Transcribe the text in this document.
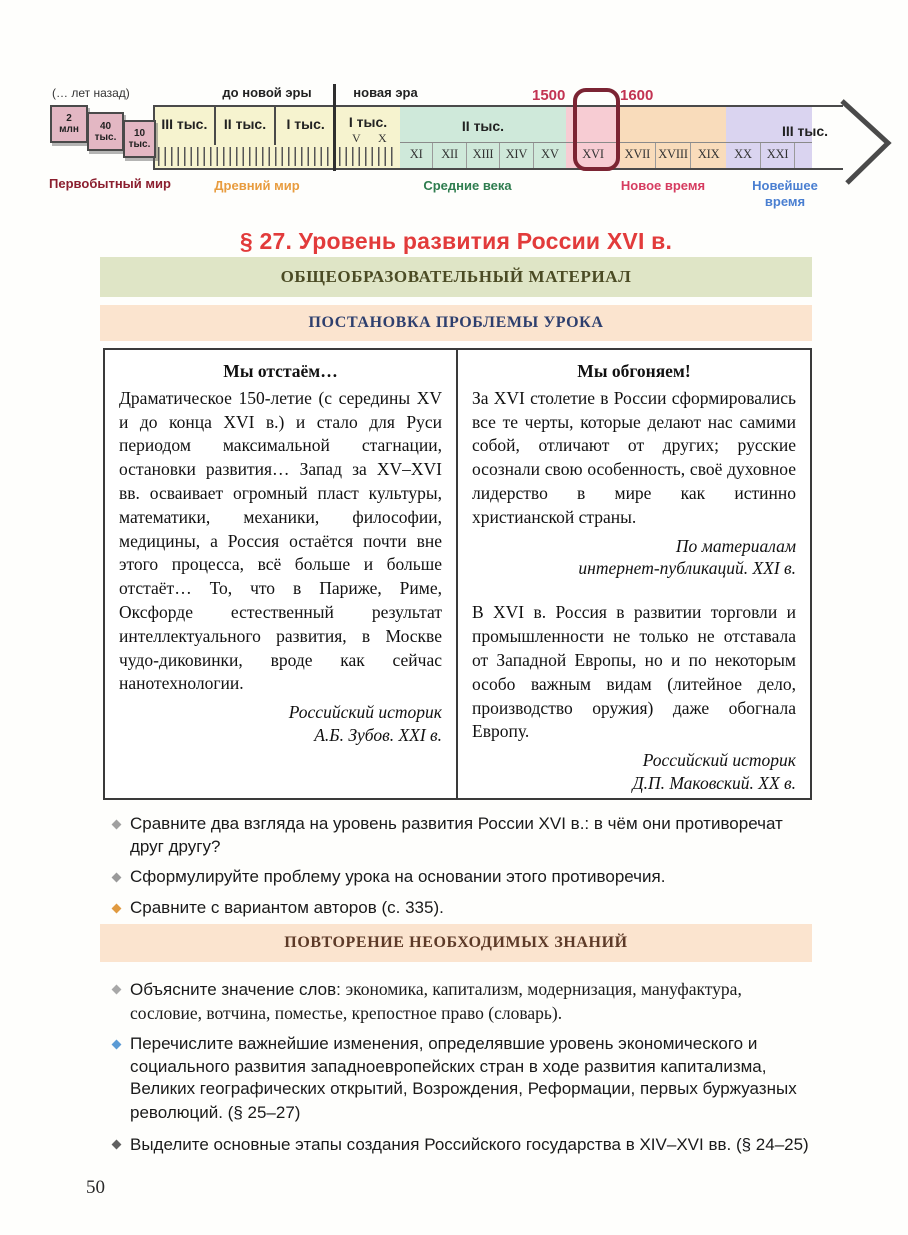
(… лет назад)	до новой эры	новая эра	1500	1600
2
млн 40
тыс. 10
тыс.
III тыс.	II тыс.	I тыс.	I тыс.
V X
II тыс.
XI	XII	XIII XIV	XV	XVI	XVII XVIII XIX	XX	XXI
III тыс.
Первобытный мир	Древний мир	Средние века	Новое время	Новейшее время
§ 27. Уровень развития России XVI в.
ОБЩЕОБРАЗОВАТЕЛЬНЫЙ МАТЕРИАЛ
ПОСТАНОВКА ПРОБЛЕМЫ УРОКА
Мы отстаём…
Драматическое 150-летие (с середины XV и до конца XVI в.) и стало для Руси периодом максимальной стагнации, остановки развития… Запад за XV–XVI вв. осваивает огромный пласт культуры, математики, механики, философии, медицины, а Россия остаётся почти вне этого процесса, всё больше и больше отстаёт… То, что в Париже, Риме, Оксфорде естественный результат интеллектуального развития, в Москве чудо-диковинки, вроде как сейчас нанотехнологии.
Российский историк
А.Б. Зубов. XXI в.
Мы обгоняем!
За XVI столетие в России сформировались все те черты, которые делают нас самими собой, отличают от других; русские осознали свою особенность, своё духовное лидерство в мире как истинно христианской страны.
По материалам
интернет-публикаций. XXI в.
В XVI в. Россия в развитии торговли и промышленности не только не отставала от Западной Европы, но и по некоторым особо важным видам (литейное дело, производство оружия) даже обогнала Европу.
Российский историк
Д.П. Маковский. XX в.
Сравните два взгляда на уровень развития России XVI в.: в чём они противоречат друг другу?
Сформулируйте проблему урока на основании этого противоречия.
Сравните с вариантом авторов (с. 335).
ПОВТОРЕНИЕ НЕОБХОДИМЫХ ЗНАНИЙ
Объясните значение слов: экономика, капитализм, модернизация, мануфактура, сословие, вотчина, поместье, крепостное право (словарь).
Перечислите важнейшие изменения, определявшие уровень экономического и социального развития западноевропейских стран в ходе развития капитализма, Великих географических открытий, Возрождения, Реформации, первых буржуазных революций. (§ 25–27)
Выделите основные этапы создания Российского государства в XIV–XVI вв. (§ 24–25)
50
